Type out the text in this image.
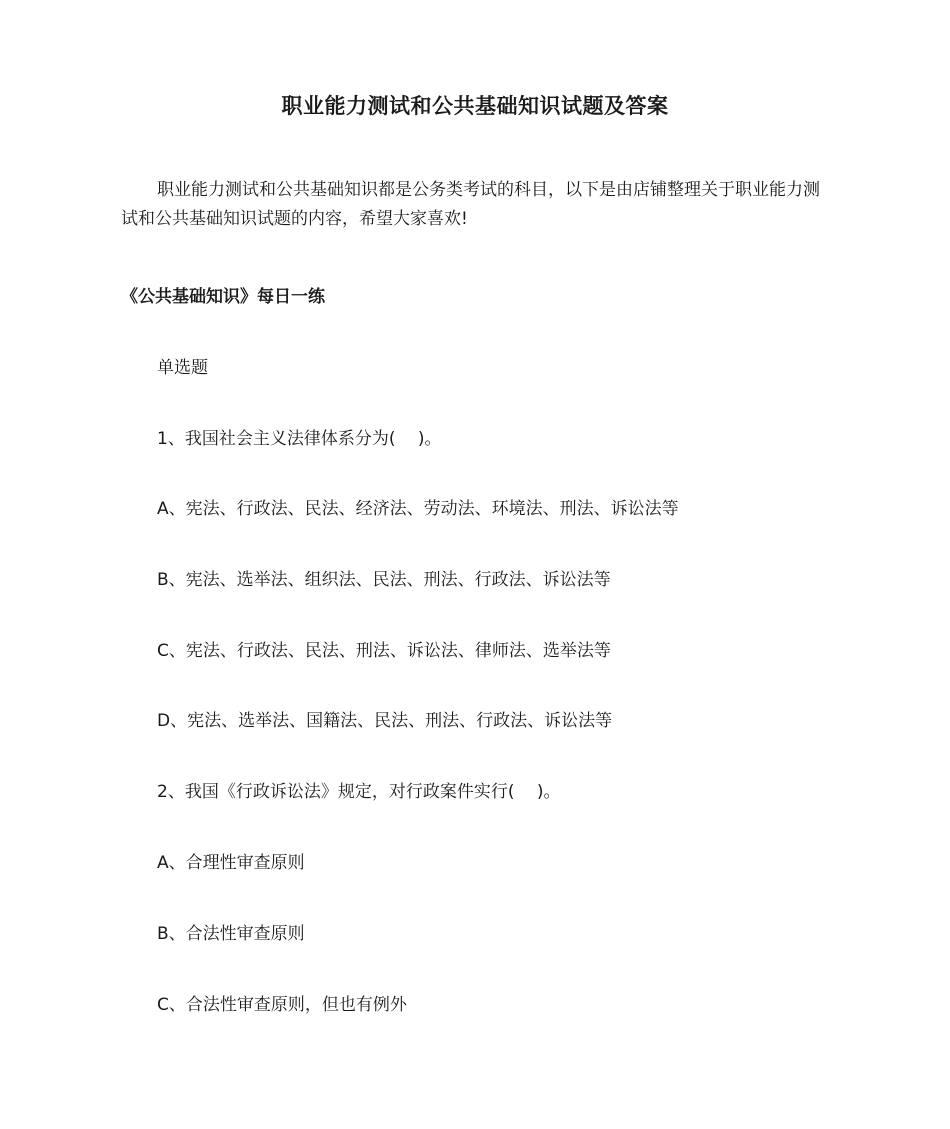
职业能力测试和公共基础知识试题及答案
职业能力测试和公共基础知识都是公务类考试的科目，以下是由店铺整理关于职业能力测试和公共基础知识试题的内容，希望大家喜欢!
《公共基础知识》每日一练
单选题
1、我国社会主义法律体系分为(　 )。
A、宪法、行政法、民法、经济法、劳动法、环境法、刑法、诉讼法等
B、宪法、选举法、组织法、民法、刑法、行政法、诉讼法等
C、宪法、行政法、民法、刑法、诉讼法、律师法、选举法等
D、宪法、选举法、国籍法、民法、刑法、行政法、诉讼法等
2、我国《行政诉讼法》规定，对行政案件实行(　 )。
A、合理性审查原则
B、合法性审查原则
C、合法性审查原则，但也有例外
